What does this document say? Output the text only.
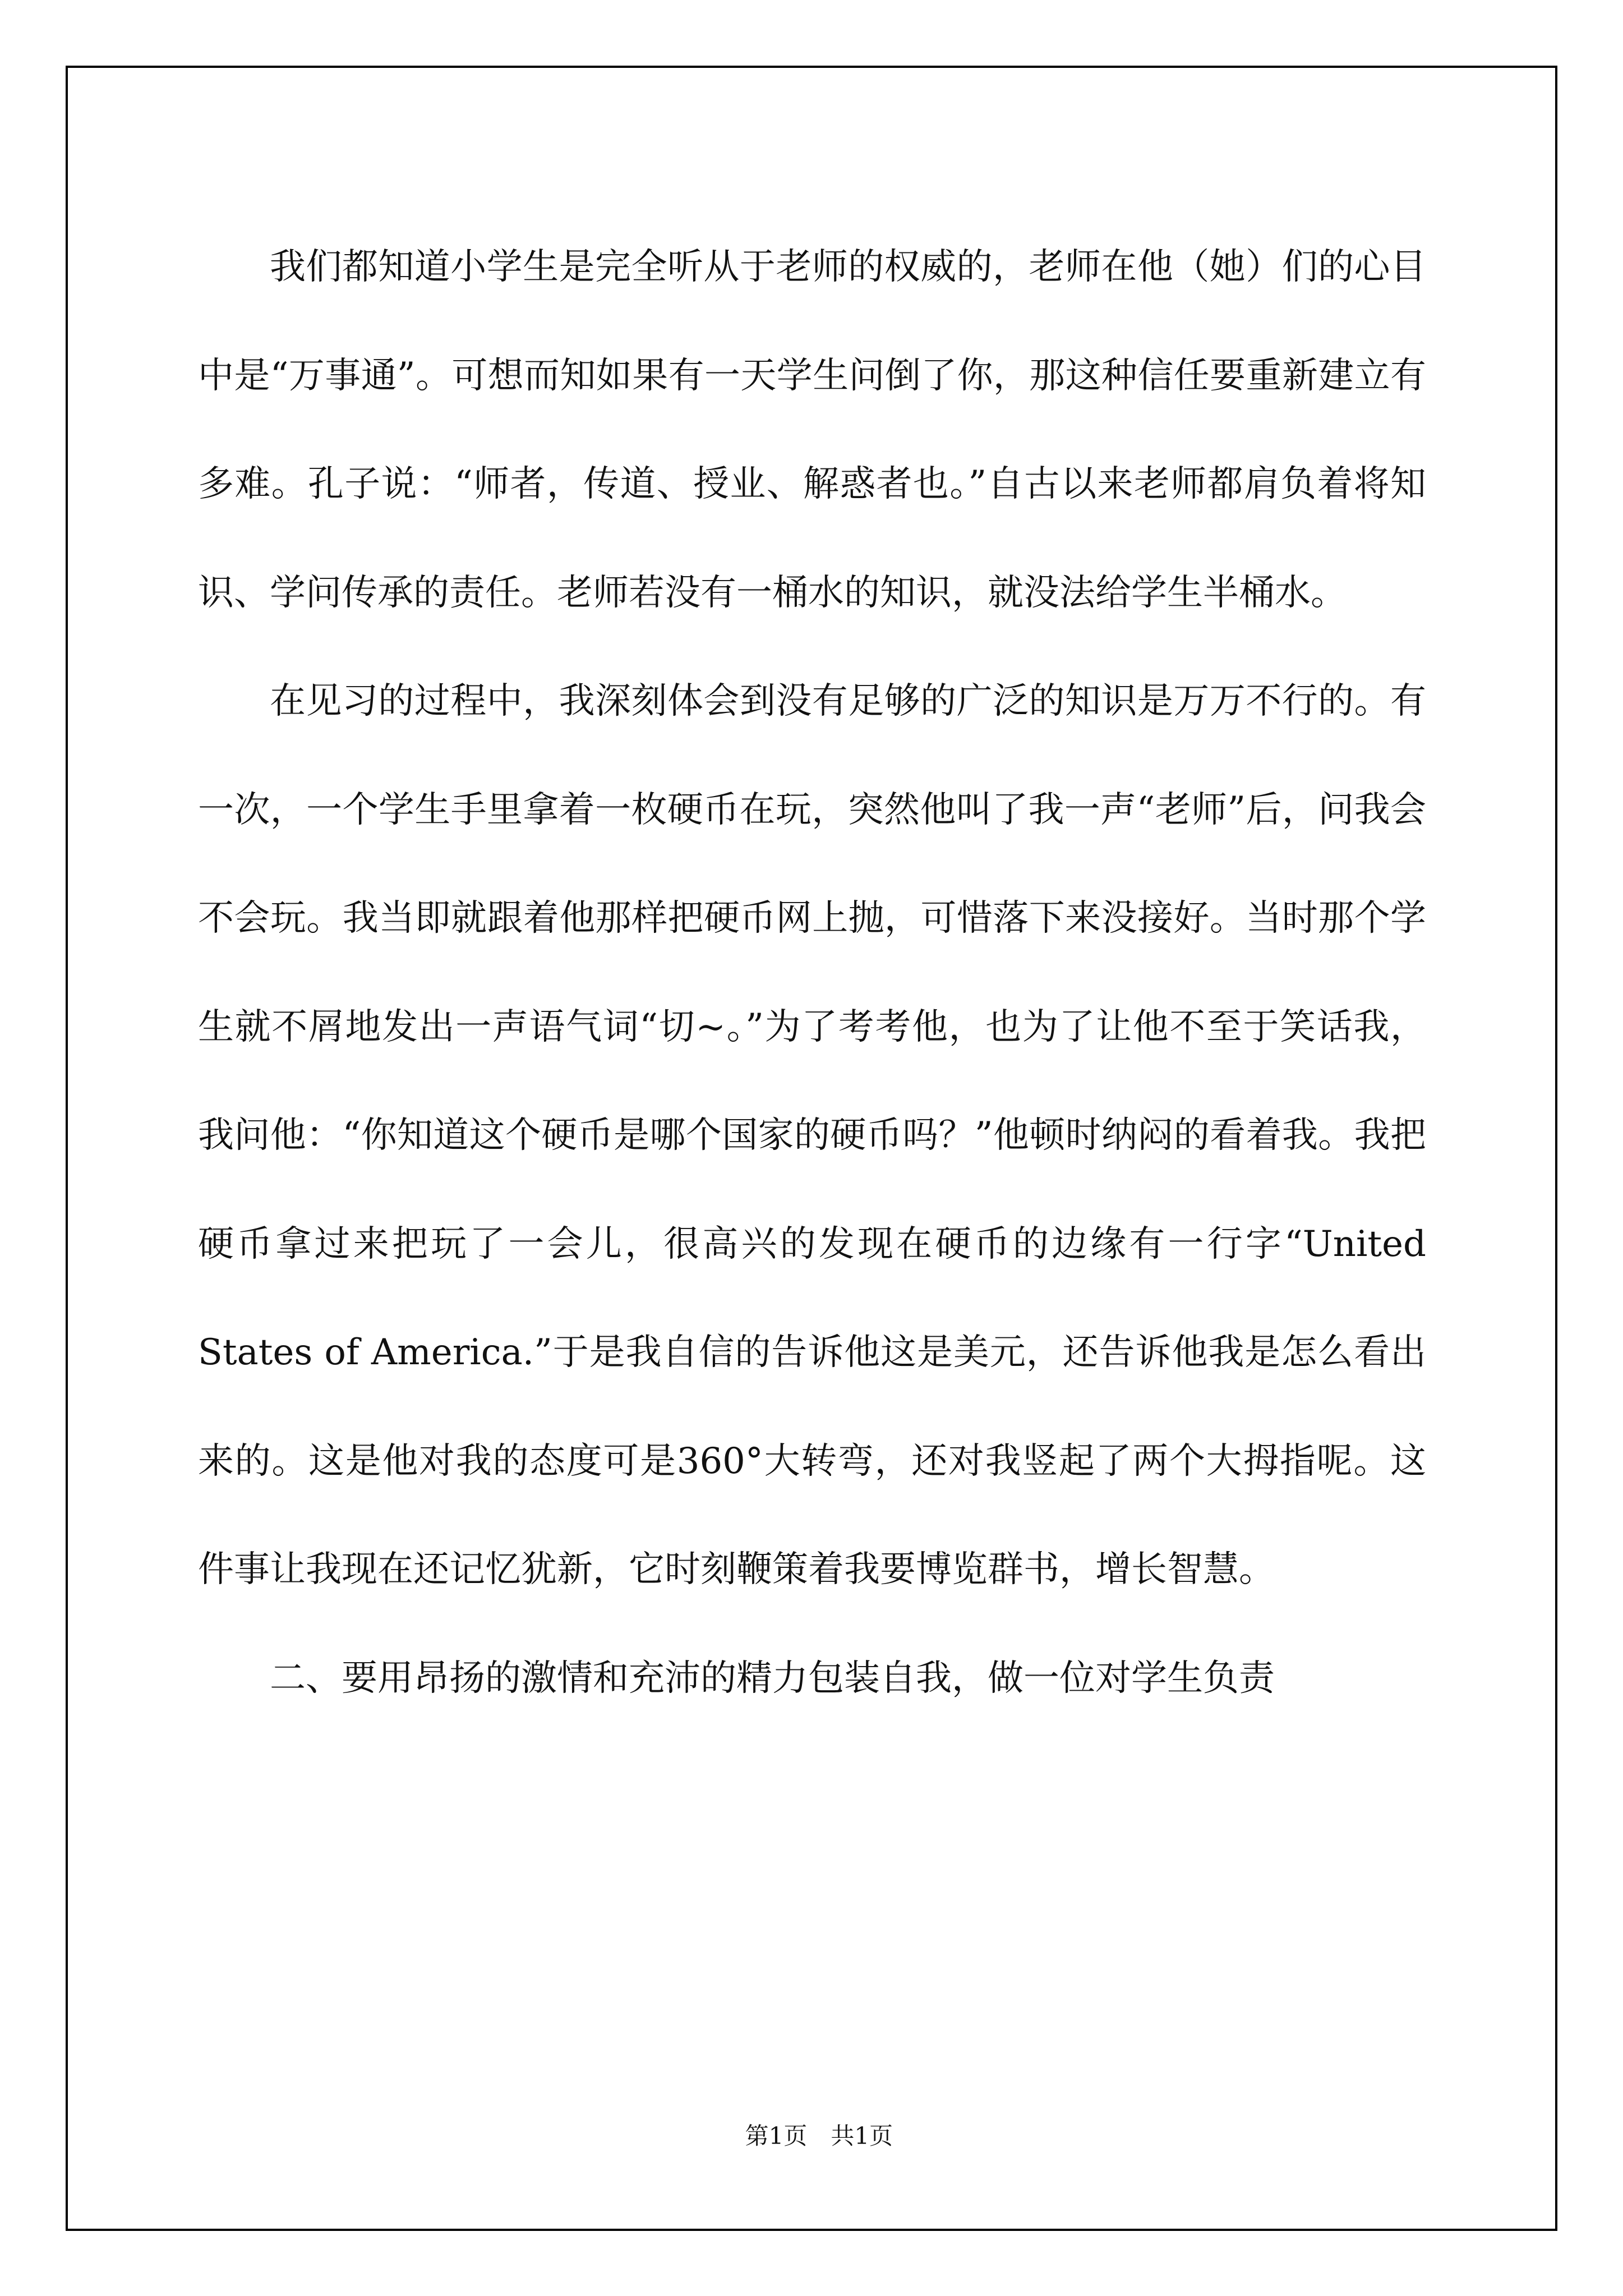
我们都知道小学生是完全听从于老师的权威的，老师在他（她）们的心目中是“万事通”。可想而知如果有一天学生问倒了你，那这种信任要重新建立有多难。孔子说：“师者，传道、授业、解惑者也。”自古以来老师都肩负着将知识、学问传承的责任。老师若没有一桶水的知识，就没法给学生半桶水。

在见习的过程中，我深刻体会到没有足够的广泛的知识是万万不行的。有一次，一个学生手里拿着一枚硬币在玩，突然他叫了我一声“老师”后，问我会不会玩。我当即就跟着他那样把硬币网上抛，可惜落下来没接好。当时那个学生就不屑地发出一声语气词“切~。”为了考考他，也为了让他不至于笑话我，我问他：“你知道这个硬币是哪个国家的硬币吗？”他顿时纳闷的看着我。我把硬币拿过来把玩了一会儿，很高兴的发现在硬币的边缘有一行字“United States of America.”于是我自信的告诉他这是美元，还告诉他我是怎么看出来的。这是他对我的态度可是360°大转弯，还对我竖起了两个大拇指呢。这件事让我现在还记忆犹新，它时刻鞭策着我要博览群书，增长智慧。

二、要用昂扬的激情和充沛的精力包装自我，做一位对学生负责

第1页 共1页
